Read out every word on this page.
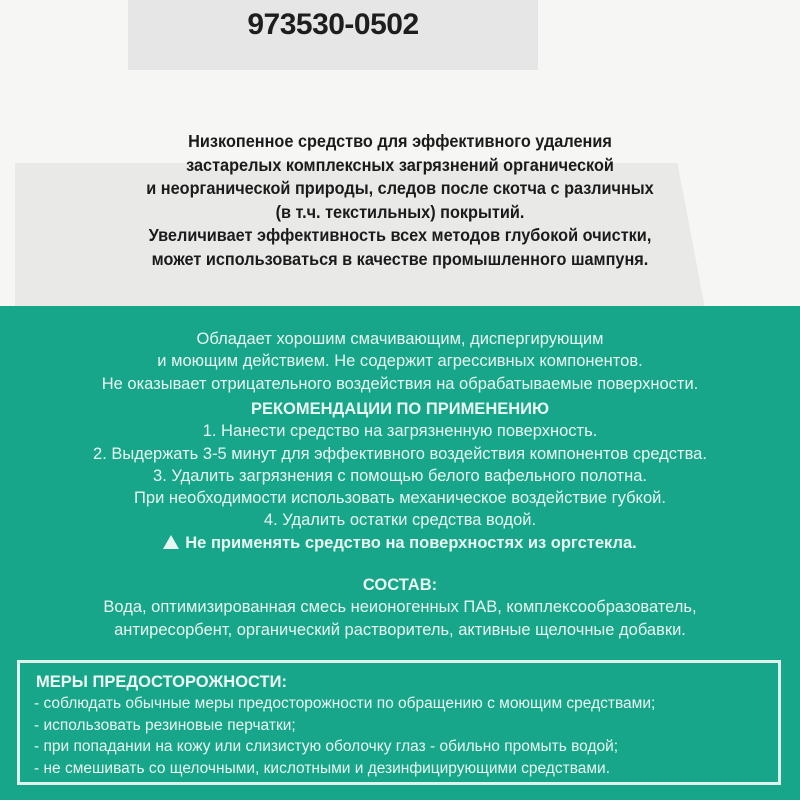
973530-0502
Низкопенное средство для эффективного удаления
застарелых комплексных загрязнений органической
и неорганической природы, следов после скотча с различных
(в т.ч. текстильных) покрытий.
Увеличивает эффективность всех методов глубокой очистки,
может использоваться в качестве промышленного шампуня.
Обладает хорошим смачивающим, диспергирующим
и моющим действием. Не содержит агрессивных компонентов.
Не оказывает отрицательного воздействия на обрабатываемые поверхности.
РЕКОМЕНДАЦИИ ПО ПРИМЕНЕНИЮ
1. Нанести средство на загрязненную поверхность.
2. Выдержать 3-5 минут для эффективного воздействия компонентов средства.
3. Удалить загрязнения с помощью белого вафельного полотна.
При необходимости использовать механическое воздействие губкой.
4. Удалить остатки средства водой.
Не применять средство на поверхностях из оргстекла.
СОСТАВ:
Вода, оптимизированная смесь неионогенных ПАВ, комплексообразователь,
антиресорбент, органический растворитель, активные щелочные добавки.
МЕРЫ ПРЕДОСТОРОЖНОСТИ:
- соблюдать обычные меры предосторожности по обращению с моющим средствами;
- использовать резиновые перчатки;
- при попадании на кожу или слизистую оболочку глаз - обильно промыть водой;
- не смешивать со щелочными, кислотными и дезинфицирующими средствами.
